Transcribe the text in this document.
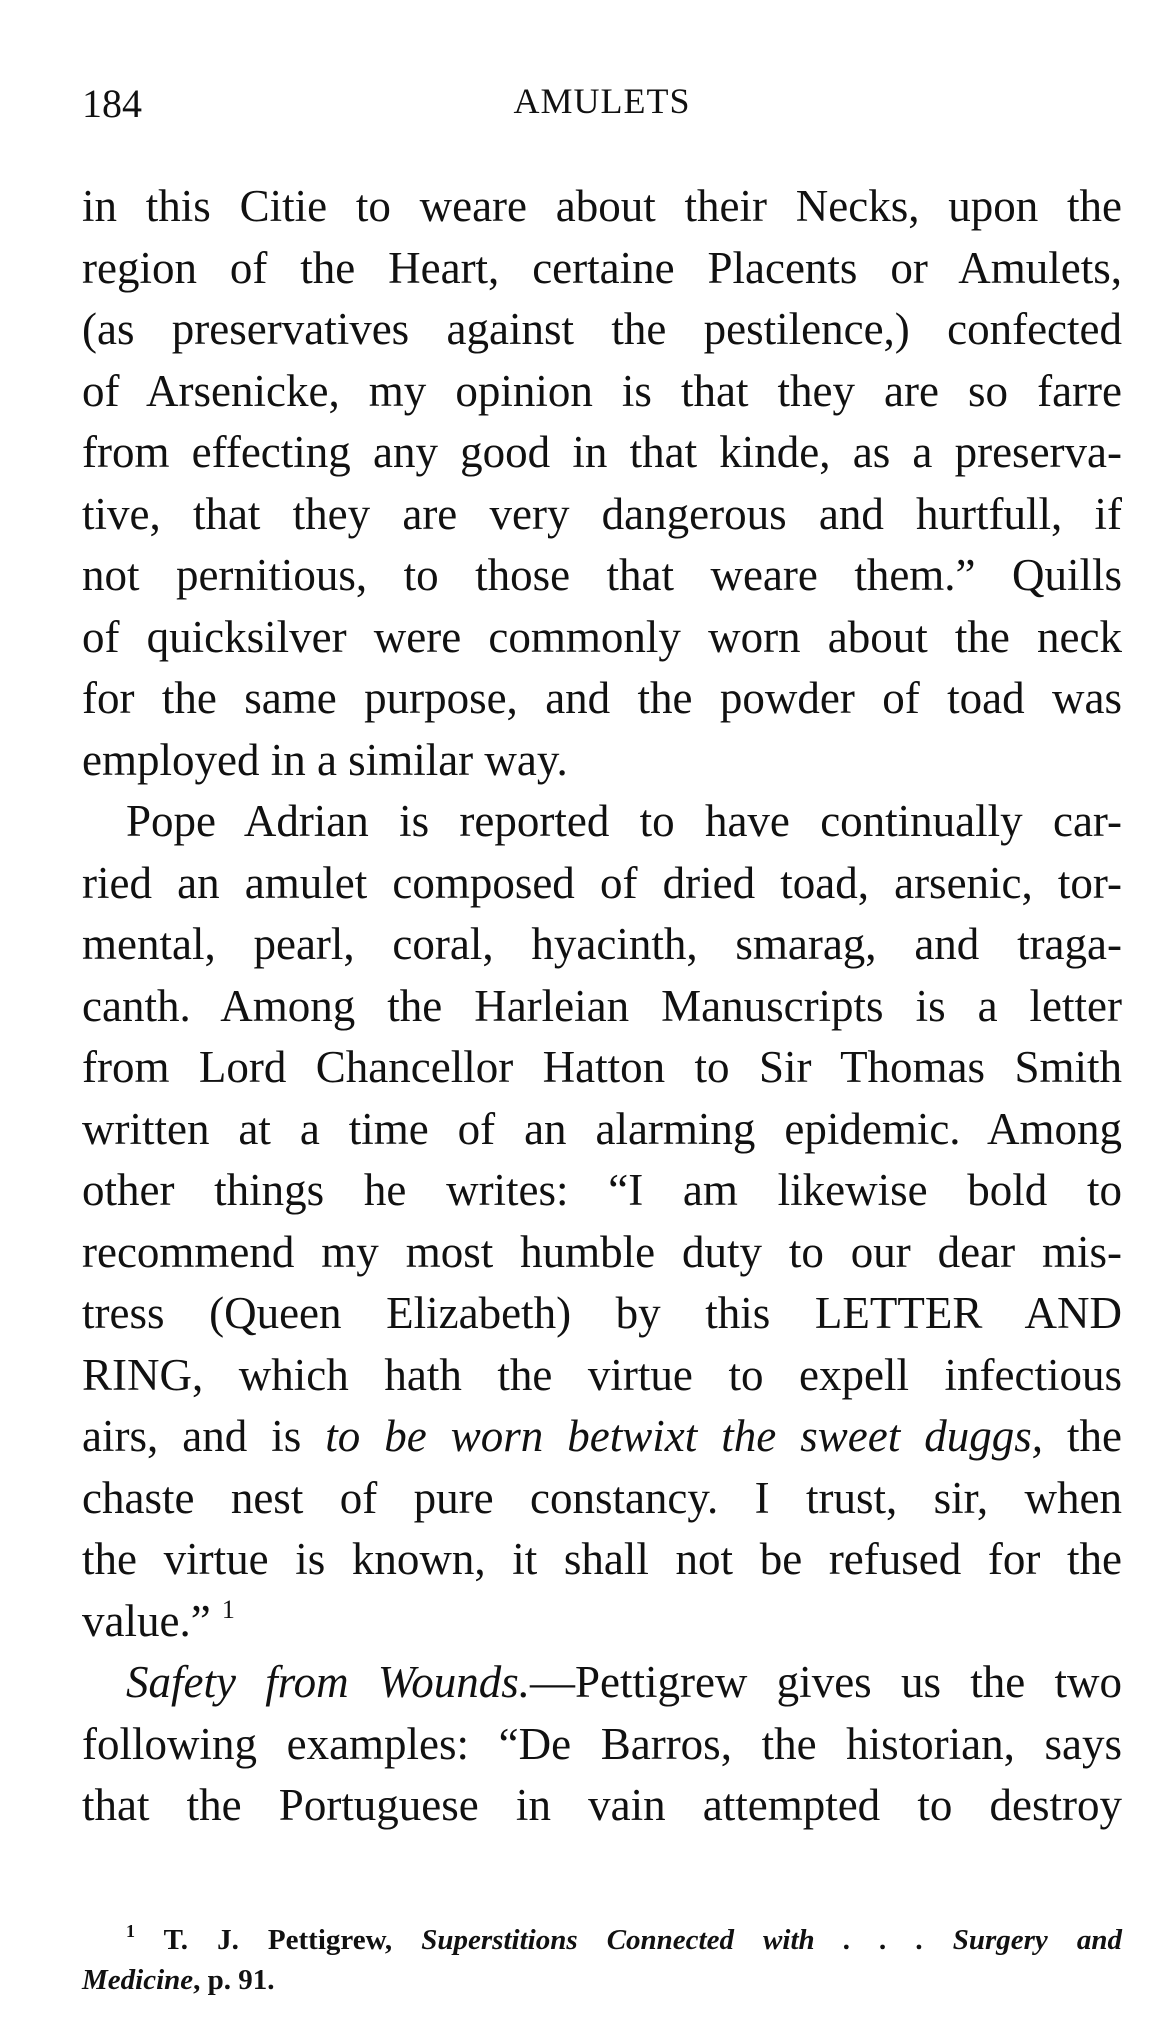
184	AMULETS
in this Citie to weare about their Necks, upon the
region of the Heart, certaine Placents or Amulets,
(as preservatives against the pestilence,) confected
of Arsenicke, my opinion is that they are so farre
from effecting any good in that kinde, as a preserva-
tive, that they are very dangerous and hurtfull, if
not pernitious, to those that weare them.” Quills
of quicksilver were commonly worn about the neck
for the same purpose, and the powder of toad was
employed in a similar way.
Pope Adrian is reported to have continually car-
ried an amulet composed of dried toad, arsenic, tor-
mental, pearl, coral, hyacinth, smarag, and traga-
canth. Among the Harleian Manuscripts is a letter
from Lord Chancellor Hatton to Sir Thomas Smith
written at a time of an alarming epidemic. Among
other things he writes: “I am likewise bold to
recommend my most humble duty to our dear mis-
tress (Queen Elizabeth) by this LETTER AND
RING, which hath the virtue to expell infectious
airs, and is to be worn betwixt the sweet duggs, the
chaste nest of pure constancy. I trust, sir, when
the virtue is known, it shall not be refused for the
value.” $^1$
Safety from Wounds.—Pettigrew gives us the two
following examples: “De Barros, the historian, says
that the Portuguese in vain attempted to destroy
$^1$ T. J. Pettigrew, Superstitions Connected with . . . Surgery and
Medicine, p. 91.
